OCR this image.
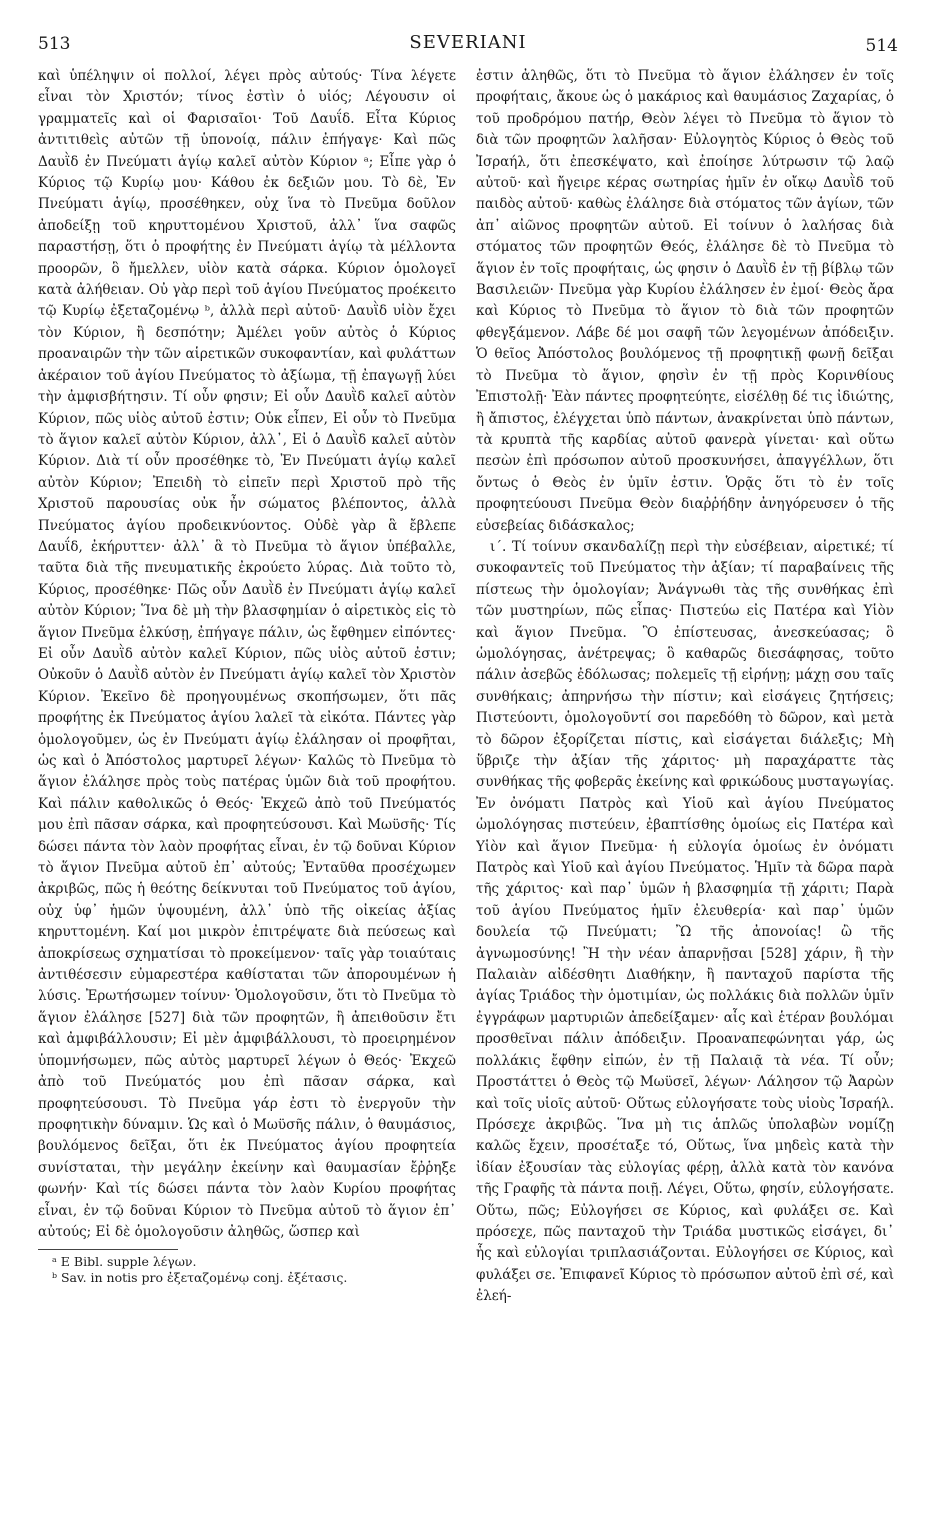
513	SEVERIANI	514

καὶ ὑπέληψιν οἱ πολλοί, λέγει πρὸς αὐτούς· Τίνα λέγετε εἶναι τὸν Χριστόν; τίνος ἐστὶν ὁ υἱός; Λέγουσιν οἱ γραμματεῖς καὶ οἱ Φαρισαῖοι· Τοῦ Δαυΐδ. Εἶτα Κύριος ἀντιτιθεὶς αὐτῶν τῇ ὑπονοίᾳ, πάλιν ἐπήγαγε· Καὶ πῶς Δαυῒδ ἐν Πνεύματι ἁγίῳ καλεῖ αὐτὸν Κύριον ᵃ; Εἶπε γὰρ ὁ Κύριος τῷ Κυρίῳ μου· Κάθου ἐκ δεξιῶν μου. Τὸ δὲ, Ἐν Πνεύματι ἁγίῳ, προσέθηκεν, οὐχ ἵνα τὸ Πνεῦμα δοῦλον ἀποδείξῃ τοῦ κηρυττομένου Χριστοῦ, ἀλλ᾽ ἵνα σαφῶς παραστήσῃ, ὅτι ὁ προφήτης ἐν Πνεύματι ἁγίῳ τὰ μέλλοντα προορῶν, ὃ ἤμελλεν, υἱὸν κατὰ σάρκα. Κύριον ὁμολογεῖ κατὰ ἀλήθειαν. Οὐ γὰρ περὶ τοῦ ἁγίου Πνεύματος προέκειτο τῷ Κυρίῳ ἐξεταζομένῳ ᵇ, ἀλλὰ περὶ αὐτοῦ· Δαυῒδ υἱὸν ἔχει τὸν Κύριον, ἢ δεσπότην; Ἀμέλει γοῦν αὐτὸς ὁ Κύριος προαναιρῶν τὴν τῶν αἱρετικῶν συκοφαντίαν, καὶ φυλάττων ἀκέραιον τοῦ ἁγίου Πνεύματος τὸ ἀξίωμα, τῇ ἐπαγωγῇ λύει τὴν ἀμφισβήτησιν. Τί οὖν φησιν; Εἰ οὖν Δαυῒδ καλεῖ αὐτὸν Κύριον, πῶς υἱὸς αὐτοῦ ἐστιν; Οὐκ εἶπεν, Εἰ οὖν τὸ Πνεῦμα τὸ ἅγιον καλεῖ αὐτὸν Κύριον, ἀλλ᾽, Εἰ ὁ Δαυῒδ καλεῖ αὐτὸν Κύριον. Διὰ τί οὖν προσέθηκε τὸ, Ἐν Πνεύματι ἁγίῳ καλεῖ αὐτὸν Κύριον; Ἐπειδὴ τὸ εἰπεῖν περὶ Χριστοῦ πρὸ τῆς Χριστοῦ παρουσίας οὐκ ἦν σώματος βλέποντος, ἀλλὰ Πνεύματος ἁγίου προδεικνύοντος. Οὐδὲ γὰρ ἃ ἔβλεπε Δαυΐδ, ἐκήρυττεν· ἀλλ᾽ ἃ τὸ Πνεῦμα τὸ ἅγιον ὑπέβαλλε, ταῦτα διὰ τῆς πνευματικῆς ἐκρούετο λύρας. Διὰ τοῦτο τὸ, Κύριος, προσέθηκε· Πῶς οὖν Δαυῒδ ἐν Πνεύματι ἁγίῳ καλεῖ αὐτὸν Κύριον; Ἵνα δὲ μὴ τὴν βλασφημίαν ὁ αἱρετικὸς εἰς τὸ ἅγιον Πνεῦμα ἑλκύσῃ, ἐπήγαγε πάλιν, ὡς ἔφθημεν εἰπόντες· Εἰ οὖν Δαυῒδ αὐτὸν καλεῖ Κύριον, πῶς υἱὸς αὐτοῦ ἐστιν; Οὐκοῦν ὁ Δαυῒδ αὐτὸν ἐν Πνεύματι ἁγίῳ καλεῖ τὸν Χριστὸν Κύριον. Ἐκεῖνο δὲ προηγουμένως σκοπήσωμεν, ὅτι πᾶς προφήτης ἐκ Πνεύματος ἁγίου λαλεῖ τὰ εἰκότα. Πάντες γὰρ ὁμολογοῦμεν, ὡς ἐν Πνεύματι ἁγίῳ ἐλάλησαν οἱ προφῆται, ὡς καὶ ὁ Ἀπόστολος μαρτυρεῖ λέγων· Καλῶς τὸ Πνεῦμα τὸ ἅγιον ἐλάλησε πρὸς τοὺς πατέρας ὑμῶν διὰ τοῦ προφήτου. Καὶ πάλιν καθολικῶς ὁ Θεός· Ἐκχεῶ ἀπὸ τοῦ Πνεύματός μου ἐπὶ πᾶσαν σάρκα, καὶ προφητεύσουσι. Καὶ Μωϋσῆς· Τίς δώσει πάντα τὸν λαὸν προφήτας εἶναι, ἐν τῷ δοῦναι Κύριον τὸ ἅγιον Πνεῦμα αὐτοῦ ἐπ᾽ αὐτούς; Ἐνταῦθα προσέχωμεν ἀκριβῶς, πῶς ἡ θεότης δείκνυται τοῦ Πνεύματος τοῦ ἁγίου, οὐχ ὑφ᾽ ἡμῶν ὑψουμένη, ἀλλ᾽ ὑπὸ τῆς οἰκείας ἀξίας κηρυττομένη. Καί μοι μικρὸν ἐπιτρέψατε διὰ πεύσεως καὶ ἀποκρίσεως σχηματίσαι τὸ προκείμενον· ταῖς γὰρ τοιαύταις ἀντιθέσεσιν εὐμαρεστέρα καθίσταται τῶν ἀπορουμένων ἡ λύσις. Ἐρωτήσωμεν τοίνυν· Ὁμολογοῦσιν, ὅτι τὸ Πνεῦμα τὸ ἅγιον ἐλάλησε [527] διὰ τῶν προφητῶν, ἢ ἀπειθοῦσιν ἔτι καὶ ἀμφιβάλλουσιν; Εἰ μὲν ἀμφιβάλλουσι, τὸ προειρημένον ὑπομνήσωμεν, πῶς αὐτὸς μαρτυρεῖ λέγων ὁ Θεός· Ἐκχεῶ ἀπὸ τοῦ Πνεύματός μου ἐπὶ πᾶσαν σάρκα, καὶ προφητεύσουσι. Τὸ Πνεῦμα γάρ ἐστι τὸ ἐνεργοῦν τὴν προφητικὴν δύναμιν. Ὡς καὶ ὁ Μωϋσῆς πάλιν, ὁ θαυμάσιος, βουλόμενος δεῖξαι, ὅτι ἐκ Πνεύματος ἁγίου προφητεία συνίσταται, τὴν μεγάλην ἐκείνην καὶ θαυμασίαν ἔῤῥηξε φωνήν· Καὶ τίς δώσει πάντα τὸν λαὸν Κυρίου προφήτας εἶναι, ἐν τῷ δοῦναι Κύριον τὸ Πνεῦμα αὐτοῦ τὸ ἅγιον ἐπ᾽ αὐτούς; Εἰ δὲ ὁμολογοῦσιν ἀληθῶς, ὥσπερ καὶ

ᵃ E Bibl. supple λέγων.

ᵇ Sav. in notis pro ἐξεταζομένῳ conj. ἐξέτασις.

ἐστιν ἀληθῶς, ὅτι τὸ Πνεῦμα τὸ ἅγιον ἐλάλησεν ἐν τοῖς προφήταις, ἄκουε ὡς ὁ μακάριος καὶ θαυμάσιος Ζαχαρίας, ὁ τοῦ προδρόμου πατήρ, Θεὸν λέγει τὸ Πνεῦμα τὸ ἅγιον τὸ διὰ τῶν προφητῶν λαλῆσαν· Εὐλογητὸς Κύριος ὁ Θεὸς τοῦ Ἰσραήλ, ὅτι ἐπεσκέψατο, καὶ ἐποίησε λύτρωσιν τῷ λαῷ αὐτοῦ· καὶ ἤγειρε κέρας σωτηρίας ἡμῖν ἐν οἴκῳ Δαυῒδ τοῦ παιδὸς αὐτοῦ· καθὼς ἐλάλησε διὰ στόματος τῶν ἁγίων, τῶν ἀπ᾽ αἰῶνος προφητῶν αὐτοῦ. Εἰ τοίνυν ὁ λαλήσας διὰ στόματος τῶν προφητῶν Θεός, ἐλάλησε δὲ τὸ Πνεῦμα τὸ ἅγιον ἐν τοῖς προφήταις, ὡς φησιν ὁ Δαυῒδ ἐν τῇ βίβλῳ τῶν Βασιλειῶν· Πνεῦμα γὰρ Κυρίου ἐλάλησεν ἐν ἐμοί· Θεὸς ἄρα καὶ Κύριος τὸ Πνεῦμα τὸ ἅγιον τὸ διὰ τῶν προφητῶν φθεγξάμενον. Λάβε δέ μοι σαφῆ τῶν λεγομένων ἀπόδειξιν. Ὁ θεῖος Ἀπόστολος βουλόμενος τῇ προφητικῇ φωνῇ δεῖξαι τὸ Πνεῦμα τὸ ἅγιον, φησὶν ἐν τῇ πρὸς Κορινθίους Ἐπιστολῇ· Ἐὰν πάντες προφητεύητε, εἰσέλθῃ δέ τις ἰδιώτης, ἢ ἄπιστος, ἐλέγχεται ὑπὸ πάντων, ἀνακρίνεται ὑπὸ πάντων, τὰ κρυπτὰ τῆς καρδίας αὐτοῦ φανερὰ γίνεται· καὶ οὕτω πεσὼν ἐπὶ πρόσωπον αὐτοῦ προσκυνήσει, ἀπαγγέλλων, ὅτι ὄντως ὁ Θεὸς ἐν ὑμῖν ἐστιν. Ὁρᾷς ὅτι τὸ ἐν τοῖς προφητεύουσι Πνεῦμα Θεὸν διαῤῥήδην ἀνηγόρευσεν ὁ τῆς εὐσεβείας διδάσκαλος;

ι´. Τί τοίνυν σκανδαλίζῃ περὶ τὴν εὐσέβειαν, αἱρετικέ; τί συκοφαντεῖς τοῦ Πνεύματος τὴν ἀξίαν; τί παραβαίνεις τῆς πίστεως τὴν ὁμολογίαν; Ἀνάγνωθι τὰς τῆς συνθήκας ἐπὶ τῶν μυστηρίων, πῶς εἶπας· Πιστεύω εἰς Πατέρα καὶ Υἱὸν καὶ ἅγιον Πνεῦμα. Ὃ ἐπίστευσας, ἀνεσκεύασας; ὃ ὡμολόγησας, ἀνέτρεψας; ὃ καθαρῶς διεσάφησας, τοῦτο πάλιν ἀσεβῶς ἐδόλωσας; πολεμεῖς τῇ εἰρήνῃ; μάχῃ σου ταῖς συνθήκαις; ἀπηρνήσω τὴν πίστιν; καὶ εἰσάγεις ζητήσεις; Πιστεύοντι, ὁμολογοῦντί σοι παρεδόθη τὸ δῶρον, καὶ μετὰ τὸ δῶρον ἐξορίζεται πίστις, καὶ εἰσάγεται διάλεξις; Μὴ ὕβριζε τὴν ἀξίαν τῆς χάριτος· μὴ παραχάραττε τὰς συνθήκας τῆς φοβερᾶς ἐκείνης καὶ φρικώδους μυσταγωγίας. Ἐν ὀνόματι Πατρὸς καὶ Υἱοῦ καὶ ἁγίου Πνεύματος ὡμολόγησας πιστεύειν, ἐβαπτίσθης ὁμοίως εἰς Πατέρα καὶ Υἱὸν καὶ ἅγιον Πνεῦμα· ἡ εὐλογία ὁμοίως ἐν ὀνόματι Πατρὸς καὶ Υἱοῦ καὶ ἁγίου Πνεύματος. Ἡμῖν τὰ δῶρα παρὰ τῆς χάριτος· καὶ παρ᾽ ὑμῶν ἡ βλασφημία τῇ χάριτι; Παρὰ τοῦ ἁγίου Πνεύματος ἡμῖν ἐλευθερία· καὶ παρ᾽ ὑμῶν δουλεία τῷ Πνεύματι; Ὢ τῆς ἀπονοίας! ὢ τῆς ἀγνωμοσύνης! Ἢ τὴν νέαν ἀπαρνῇσαι [528] χάριν, ἢ τὴν Παλαιὰν αἰδέσθητι Διαθήκην, ἢ πανταχοῦ παρίστα τῆς ἁγίας Τριάδος τὴν ὁμοτιμίαν, ὡς πολλάκις διὰ πολλῶν ὑμῖν ἐγγράφων μαρτυριῶν ἀπεδείξαμεν· αἷς καὶ ἑτέραν βουλόμαι προσθεῖναι πάλιν ἀπόδειξιν. Προαναπεφώνηται γάρ, ὡς πολλάκις ἔφθην εἰπών, ἐν τῇ Παλαιᾷ τὰ νέα. Τί οὖν; Προστάττει ὁ Θεὸς τῷ Μωϋσεῖ, λέγων· Λάλησον τῷ Ἀαρὼν καὶ τοῖς υἱοῖς αὐτοῦ· Οὕτως εὐλογήσατε τοὺς υἱοὺς Ἰσραήλ. Πρόσεχε ἀκριβῶς. Ἵνα μὴ τις ἁπλῶς ὑπολαβὼν νομίζῃ καλῶς ἔχειν, προσέταξε τό, Οὕτως, ἵνα μηδεὶς κατὰ τὴν ἰδίαν ἐξουσίαν τὰς εὐλογίας φέρῃ, ἀλλὰ κατὰ τὸν κανόνα τῆς Γραφῆς τὰ πάντα ποιῇ. Λέγει, Οὕτω, φησίν, εὐλογήσατε. Οὕτω, πῶς; Εὐλογήσει σε Κύριος, καὶ φυλάξει σε. Καὶ πρόσεχε, πῶς πανταχοῦ τὴν Τριάδα μυστικῶς εἰσάγει, δι᾽ ἧς καὶ εὐλογίαι τριπλασιάζονται. Εὐλογήσει σε Κύριος, καὶ φυλάξει σε. Ἐπιφανεῖ Κύριος τὸ πρόσωπον αὐτοῦ ἐπὶ σέ, καὶ ἐλεή-
